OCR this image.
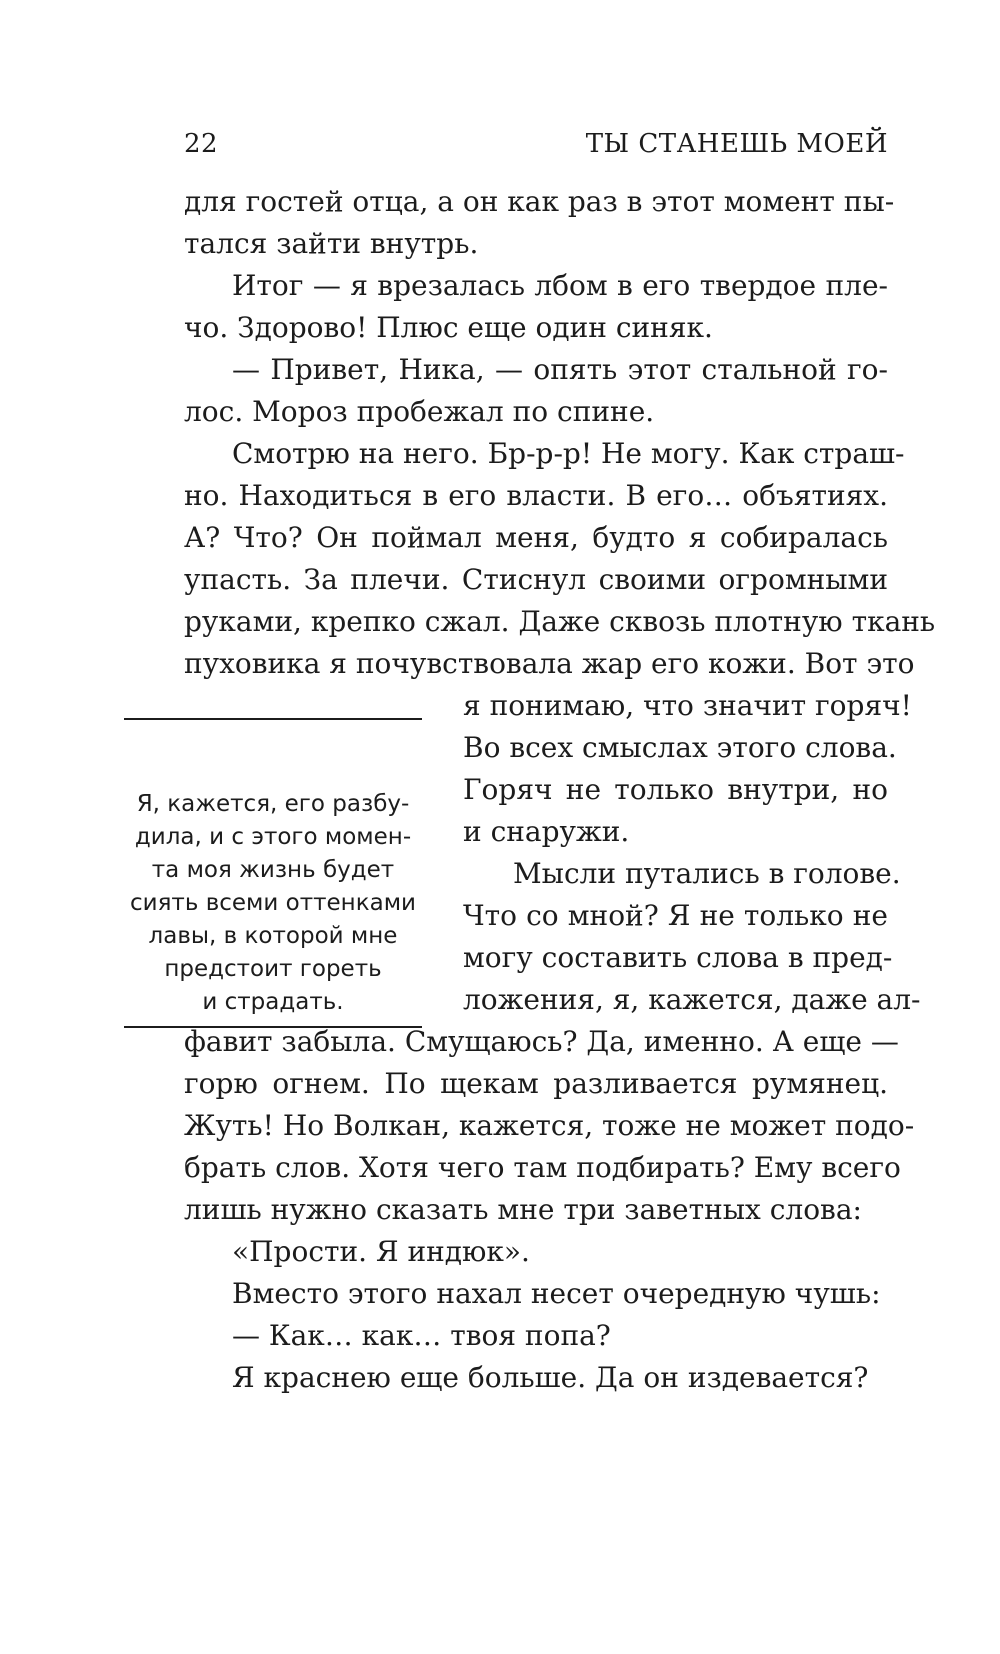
22	ТЫ СТАНЕШЬ МОЕЙ
для гостей отца, а он как раз в этот момент пы-
тался зайти внутрь.
Итог — я врезалась лбом в его твердое пле-
чо. Здорово! Плюс еще один синяк.
— Привет, Ника, — опять этот стальной го-
лос. Мороз пробежал по спине.
Смотрю на него. Бр-р-р! Не могу. Как страш-
но. Находиться в его власти. В его… объятиях.
А? Что? Он поймал меня, будто я собиралась
упасть. За плечи. Стиснул своими огромными
руками, крепко сжал. Даже сквозь плотную ткань
пуховика я почувствовала жар его кожи. Вот это
я понимаю, что значит горяч!
Во всех смыслах этого слова.
Горяч не только внутри, но
и снаружи.
Мысли путались в голове.
Что со мной? Я не только не
могу составить слова в пред-
ложения, я, кажется, даже ал-
фавит забыла. Смущаюсь? Да, именно. А еще —
горю огнем. По щекам разливается румянец.
Жуть! Но Волкан, кажется, тоже не может подо-
брать слов. Хотя чего там подбирать? Ему всего
лишь нужно сказать мне три заветных слова:
«Прости. Я индюк».
Вместо этого нахал несет очередную чушь:
— Как… как… твоя попа?
Я краснею еще больше. Да он издевается?
Я, кажется, его разбу-
дила, и с этого момен-
та моя жизнь будет
сиять всеми оттенками
лавы, в которой мне
предстоит гореть
и страдать.
